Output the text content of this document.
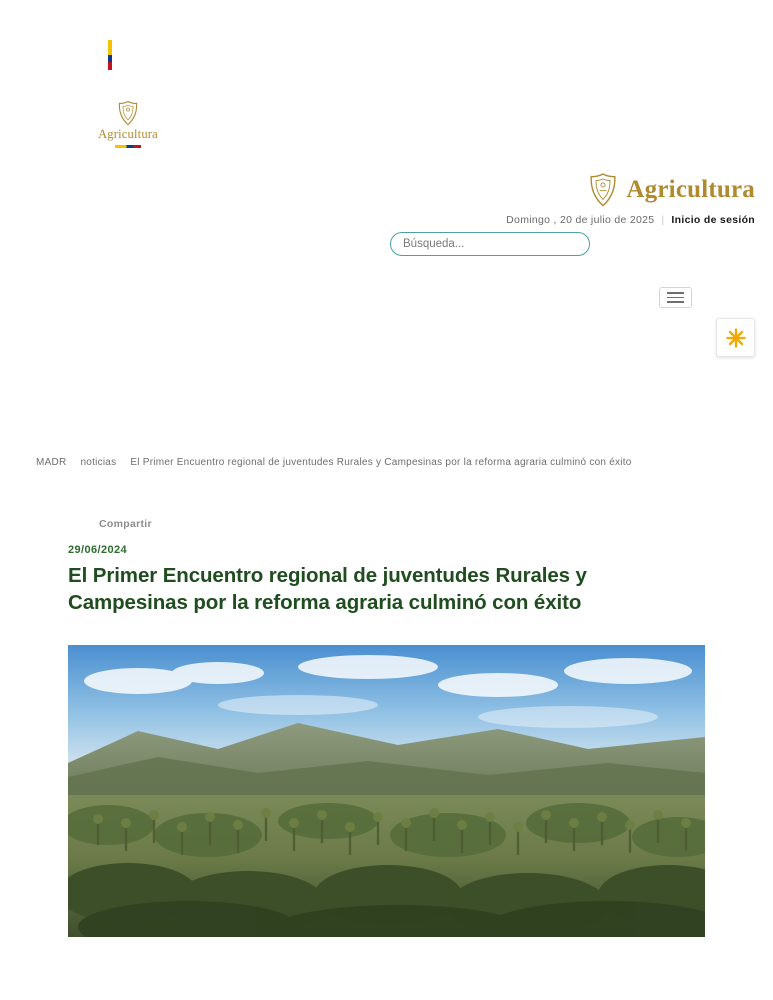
Agricultura
Agricultura
Domingo , 20 de julio de 2025 | Inicio de sesión
Búsqueda...
MADR noticias El Primer Encuentro regional de juventudes Rurales y Campesinas por la reforma agraria culminó con éxito
Compartir
29/06/2024
El Primer Encuentro regional de juventudes Rurales y Campesinas por la reforma agraria culminó con éxito
